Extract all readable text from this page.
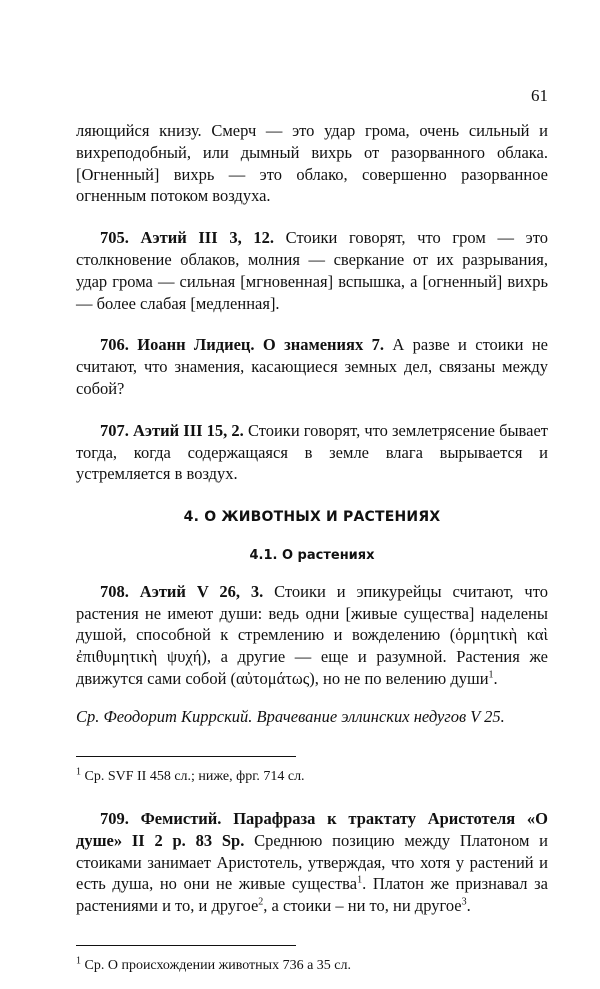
61

ляющийся книзу. Смерч — это удар грома, очень сильный и вихреподобный, или дымный вихрь от разорванного облака. [Огненный] вихрь — это облако, совершенно разорванное огненным потоком воздуха.

705. Аэтий III 3, 12. Стоики говорят, что гром — это столкновение облаков, молния — сверкание от их разрывания, удар грома — сильная [мгновенная] вспышка, а [огненный] вихрь — более слабая [медленная].

706. Иоанн Лидиец. О знамениях 7. А разве и стоики не считают, что знамения, касающиеся земных дел, связаны между собой?

707. Аэтий III 15, 2. Стоики говорят, что землетрясение бывает тогда, когда содержащаяся в земле влага вырывается и устремляется в воздух.

4. О ЖИВОТНЫХ И РАСТЕНИЯХ
4.1. О растениях

708. Аэтий V 26, 3. Стоики и эпикурейцы считают, что растения не имеют души: ведь одни [живые существа] наделены душой, способной к стремлению и вожделению (ὁρμητικὴ καὶ ἐπιθυμητικὴ ψυχή), а другие — еще и разумной. Растения же движутся сами собой (αὐτομάτως), но не по велению души$^1$.

Ср. Феодорит Киррский. Врачевание эллинских недугов V 25.

$^1$ Ср. SVF II 458 сл.; ниже, фрг. 714 сл.

709. Фемистий. Парафраза к трактату Аристотеля «О душе» II 2 p. 83 Sp. Среднюю позицию между Платоном и стоиками занимает Аристотель, утверждая, что хотя у растений и есть душа, но они не живые существа$^1$. Платон же признавал за растениями и то, и другое$^2$, а стоики – ни то, ни другое$^3$.

$^1$ Ср. О происхождении животных 736 а 35 сл.
